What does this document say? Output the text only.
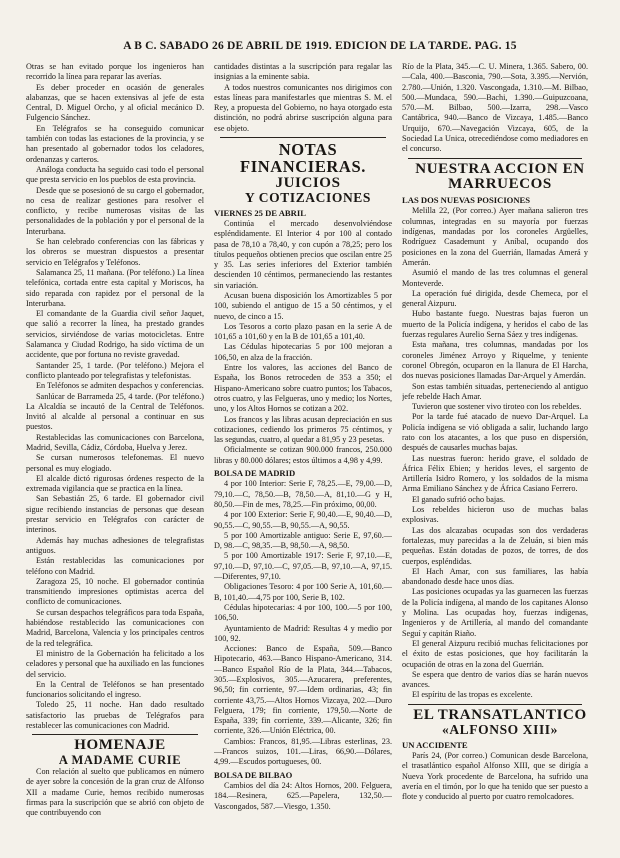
A B C. SABADO 26 DE ABRIL DE 1919. EDICION DE LA TARDE. PAG. 15

Otras se han evitado porque los ingenieros han recorrido la línea para reparar las averías.

Es deber proceder en ocasión de generales alabanzas, que se hacen extensivas al jefe de esta Central, D. Miguel Orcho, y al oficial mecánico D. Fulgencio Sánchez.

En Telégrafos se ha conseguido comunicar también con todas las estaciones de la provincia, y se han presentado al gobernador todos los celadores, ordenanzas y carteros.

Análoga conducta ha seguido casi todo el personal que presta servicio en los pueblos de esta provincia.

Desde que se posesionó de su cargo el gobernador, no cesa de realizar gestiones para resolver el conflicto, y recibe numerosas visitas de las personalidades de la población y por el personal de la Interurbana.

Se han celebrado conferencias con las fábricas y los obreros se muestran dispuestos a presentar servicio en Telégrafos y Teléfonos.

Salamanca 25, 11 mañana. (Por teléfono.) La línea telefónica, cortada entre esta capital y Moriscos, ha sido reparada con rapidez por el personal de la Interurbana.

El comandante de la Guardia civil señor Jaquet, que salió a recorrer la línea, ha prestado grandes servicios, sirviéndose de varias motocicletas. Entre Salamanca y Ciudad Rodrigo, ha sido víctima de un accidente, que por fortuna no reviste gravedad.

Santander 25, 1 tarde. (Por teléfono.) Mejora el conflicto planteado por telegrafistas y telefonistas.

En Teléfonos se admiten despachos y conferencias.

Sanlúcar de Barrameda 25, 4 tarde. (Por teléfono.) La Alcaldía se incautó de la Central de Teléfonos. Invitó al alcalde al personal a continuar en sus puestos.

Restablecidas las comunicaciones con Barcelona, Madrid, Sevilla, Cádiz, Córdoba, Huelva y Jerez.

Se cursan numerosos telefonemas. El nuevo personal es muy elogiado.

El alcalde dictó rigurosas órdenes respecto de la extremada vigilancia que se practica en la línea.

San Sebastián 25, 6 tarde. El gobernador civil sigue recibiendo instancias de personas que desean prestar servicio en Telégrafos con carácter de interinos.

Además hay muchas adhesiones de telegrafistas antiguos.

Están restablecidas las comunicaciones por teléfono con Madrid.

Zaragoza 25, 10 noche. El gobernador continúa transmitiendo impresiones optimistas acerca del conflicto de comunicaciones.

Se cursan despachos telegráficos para toda España, habiéndose restablecido las comunicaciones con Madrid, Barcelona, Valencia y los principales centros de la red telegráfica.

El ministro de la Gobernación ha felicitado a los celadores y personal que ha auxiliado en las funciones del servicio.

En la Central de Teléfonos se han presentado funcionarios solicitando el ingreso.

Toledo 25, 11 noche. Han dado resultado satisfactorio las pruebas de Telégrafos para restablecer las comunicaciones con Madrid.

HOMENAJE

A MADAME CURIE

Con relación al suelto que publicamos en número de ayer sobre la concesión de la gran cruz de Alfonso XII a madame Curie, hemos recibido numerosas firmas para la suscripción que se abrió con objeto de que contribuyendo con

cantidades distintas a la suscripción para regalar las insignias a la eminente sabia.

A todos nuestros comunicantes nos dirigimos con estas líneas para manifestarles que mientras S. M. el Rey, a propuesta del Gobierno, no haya otorgado esta distinción, no podrá abrirse suscripción alguna para ese objeto.

NOTAS FINANCIERAS.

JUICIOS

Y COTIZACIONES

VIERNES 25 DE ABRIL

Continúa el mercado desenvolviéndose espléndidamente. El Interior 4 por 100 al contado pasa de 78,10 a 78,40, y con cupón a 78,25; pero los títulos pequeños obtienen precios que oscilan entre 25 y 35. Las series inferiores del Exterior también descienden 10 céntimos, permaneciendo las restantes sin variación.

Acusan buena disposición los Amortizables 5 por 100, subiendo el antiguo de 15 a 50 céntimos, y el nuevo, de cinco a 15.

Los Tesoros a corto plazo pasan en la serie A de 101,65 a 101,60 y en la B de 101,65 a 101,40.

Las Cédulas hipotecarias 5 por 100 mejoran a 106,50, en alza de la fracción.

Entre los valores, las acciones del Banco de España, los Bonos retroceden de 353 a 350; el Hispano-Americano sobre cuatro puntos; los Tabacos, otros cuatro, y las Felgueras, uno y medio; los Nortes, uno, y los Altos Hornos se cotizan a 202.

Los francos y las libras acusan depreciación en sus cotizaciones, cediendo los primeros 75 céntimos, y las segundas, cuatro, al quedar a 81,95 y 23 pesetas.

Oficialmente se cotizan 900.000 francos, 250.000 libras y 80.000 dólares; estos últimos a 4,98 y 4,99.

BOLSA DE MADRID

4 por 100 Interior: Serie F, 78,25.—E, 79,00.—D, 79,10.—C, 78,50.—B, 78,50.—A, 81,10.—G y H, 80,50.—Fin de mes, 78,25.—Fin próximo, 00,00.

4 por 100 Exterior: Serie F, 90,40.—E, 90,40.—D, 90,55.—C, 90,55.—B, 90,55.—A, 90,55.

5 por 100 Amortizable antiguo: Serie E, 97,60.—D, 98.—C, 98,35.—B, 98,50.—A, 98,50.

5 por 100 Amortizable 1917: Serie F, 97,10.—E, 97,10.—D, 97,10.—C, 97,05.—B, 97,10.—A, 97,15.—Diferentes, 97,10.

Obligaciones Tesoro: 4 por 100 Serie A, 101,60.—B, 101,40.—4,75 por 100, Serie B, 102.

Cédulas hipotecarias: 4 por 100, 100.—5 por 100, 106,50.

Ayuntamiento de Madrid: Resultas 4 y medio por 100, 92.

Acciones: Banco de España, 509.—Banco Hipotecario, 463.—Banco Hispano-Americano, 314.—Banco Español Río de la Plata, 344.—Tabacos, 305.—Explosivos, 305.—Azucarera, preferentes, 96,50; fin corriente, 97.—Idem ordinarias, 43; fin corriente 43,75.—Altos Hornos Vizcaya, 202.—Duro Felguera, 179; fin corriente, 179,50.—Norte de España, 339; fin corriente, 339.—Alicante, 326; fin corriente, 326.—Unión Eléctrica, 00.

Cambios: Francos, 81,95.—Libras esterlinas, 23.—Francos suizos, 101.—Liras, 66,90.—Dólares, 4,99.—Escudos portugueses, 00.

BOLSA DE BILBAO

Cambios del día 24: Altos Hornos, 200. Felguera, 184.—Resinera, 625.—Papelera, 132,50.—Vascongados, 587.—Viesgo, 1.350.

Río de la Plata, 345.—C. U. Minera, 1.365. Sabero, 00.—Cala, 400.—Basconia, 790.—Sota, 3.395.—Nervión, 2.780.—Unión, 1.320. Vascongada, 1.310.—M. Bilbao, 500.—Mundaca, 590.—Bachi, 1.390.—Guipuzcoana, 570.—M. Bilbao, 500.—Izarra, 298.—Vasco Cantábrica, 940.—Banco de Vizcaya, 1.485.—Banco Urquijo, 670.—Navegación Vizcaya, 605, de la Sociedad La Unica, otrecediéndose como mediadores en el concurso.

NUESTRA ACCION EN

MARRUECOS

LAS DOS NUEVAS POSICIONES

Melilla 22, (Por correo.) Ayer mañana salieron tres columnas, integradas en su mayoría por fuerzas indígenas, mandadas por los coroneles Argüelles, Rodríguez Casademunt y Aníbal, ocupando dos posiciones en la zona del Guerrián, llamadas Amerá y Amerán.

Asumió el mando de las tres columnas el general Monteverde.

La operación fué dirigida, desde Chemeca, por el general Aizpuru.

Hubo bastante fuego. Nuestras bajas fueron un muerto de la Policía indígena, y heridos el cabo de las fuerzas regulares Aurelio Serna Sáez y tres indígenas.

Esta mañana, tres columnas, mandadas por los coroneles Jiménez Arroyo y Riquelme, y teniente coronel Obregón, ocuparon en la llanura de El Harcha, dos nuevas posiciones llamadas Dar-Arquel y Amerdán.

Son estas también situadas, perteneciendo al antiguo jefe rebelde Hach Amar.

Tuvieron que sostener vivo tiroteo con los rebeldes.

Por la tarde fué atacado de nuevo Dar-Arquel. La Policía indígena se vió obligada a salir, luchando largo rato con los atacantes, a los que puso en dispersión, después de causarles muchas bajas.

Las nuestras fueron: herido grave, el soldado de África Félix Ebien; y heridos leves, el sargento de Artillería Isidro Romero, y los soldados de la misma Arma Emiliano Sánchez y de África Casiano Ferrero.

El ganado sufrió ocho bajas.

Los rebeldes hicieron uso de muchas balas explosivas.

Las dos alcazabas ocupadas son dos verdaderas fortalezas, muy parecidas a la de Zeluán, si bien más pequeñas. Están dotadas de pozos, de torres, de dos cuerpos, espléndidas.

El Hach Amar, con sus familiares, las había abandonado desde hace unos días.

Las posiciones ocupadas ya las guarnecen las fuerzas de la Policía indígena, al mando de los capitanes Alonso y Molina. Las ocupadas hoy, fuerzas indígenas, Ingenieros y de Artillería, al mando del comandante Seguí y capitán Riaño.

El general Aizpuru recibió muchas felicitaciones por el éxito de estas posiciones, que hoy facilitarán la ocupación de otras en la zona del Guerrián.

Se espera que dentro de varios días se harán nuevos avances.

El espíritu de las tropas es excelente.

EL TRANSATLANTICO

«ALFONSO XIII»

UN ACCIDENTE

París 24, (Por correo.) Comunican desde Barcelona, el trasatlántico español Alfonso XIII, que se dirigía a Nueva York procedente de Barcelona, ha sufrido una avería en el timón, por lo que ha tenido que ser puesto a flote y conducido al puerto por cuatro remolcadores.
